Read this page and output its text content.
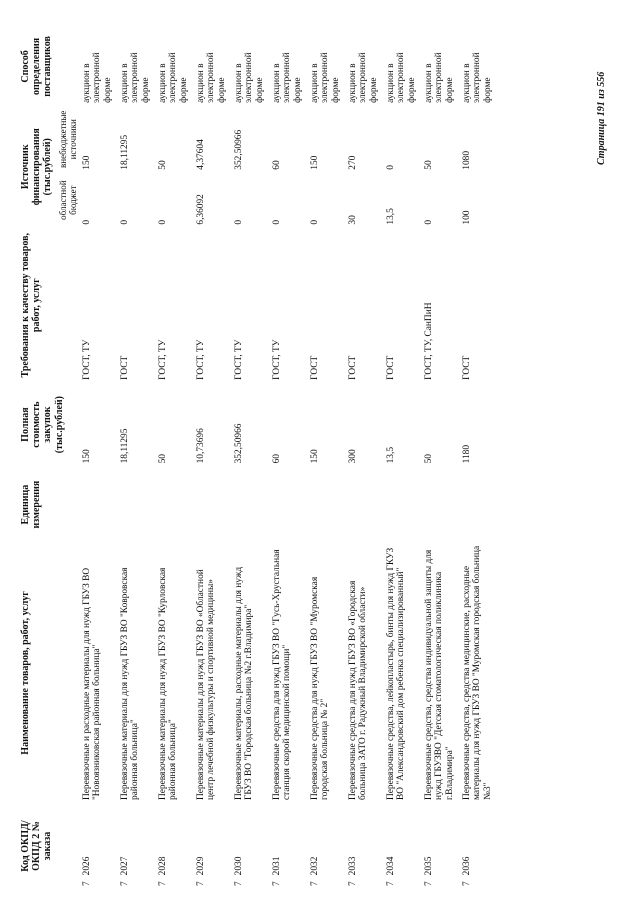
Код ОКПД/ ОКПД 2 № заказа	Наименование товаров, работ, услуг	Единица измерения	Полная стоимость закупок (тыс.рублей)	Требования к качеству товаров, работ, услуг	Источник финансирования (тыс.рублей)		Способ определения поставщиков
					областной бюджет	внебюджетные источники	
72026	Перевязочные и расходные материалы для нужд ГБУЗ ВО "Новоязниковская районная больница"		150	ГОСТ, ТУ	0	150	аукцион в электронной форме
72027	Перевязочные материалы для нужд ГБУЗ ВО "Ковровская районная больница"		18,11295	ГОСТ	0	18,11295	аукцион в электронной форме
72028	Перевязочные материалы для нужд ГБУЗ ВО "Курловская районная больница"		50	ГОСТ, ТУ	0	50	аукцион в электронной форме
72029	Перевязочные материалы для нужд ГБУЗ ВО «Областной центр лечебной физкультуры и спортивной медицины»		10,73696	ГОСТ, ТУ	6,36092	4,37604	аукцион в электронной форме
72030	Перевязочные материалы, расходные материалы для нужд ГБУЗ ВО "Городская больница №2 г.Владимира"		352,50966	ГОСТ, ТУ	0	352,50966	аукцион в электронной форме
72031	Перевязочные средства для нужд ГБУЗ ВО "Гусь-Хрустальная станция скорой медицинской помощи"		60	ГОСТ, ТУ	0	60	аукцион в электронной форме
72032	Перевязочные средства для нужд ГБУЗ ВО "Муромская городская больница № 2"		150	ГОСТ	0	150	аукцион в электронной форме
72033	Перевязочные средства для нужд ГБУЗ ВО «Городская больница ЗАТО г. Радужный Владимирской области»		300	ГОСТ	30	270	аукцион в электронной форме
72034	Перевязочные средства, лейкопластырь, бинты для нужд ГКУЗ ВО "Александровский дом ребенка специализированный"		13,5	ГОСТ	13,5	0	аукцион в электронной форме
72035	Перевязочные средства, средства индивидуальной защиты для нужд ГБУЗВО "Детская стоматологическая поликлиника г.Владимира"		50	ГОСТ, ТУ, СанПиН	0	50	аукцион в электронной форме
72036	Перевязочные средства, средства медицинские, расходные материалы для нужд ГБУЗ ВО "Муромская городская больница №3"		1180	ГОСТ	100	1080	аукцион в электронной форме	Страница 191 из 556
